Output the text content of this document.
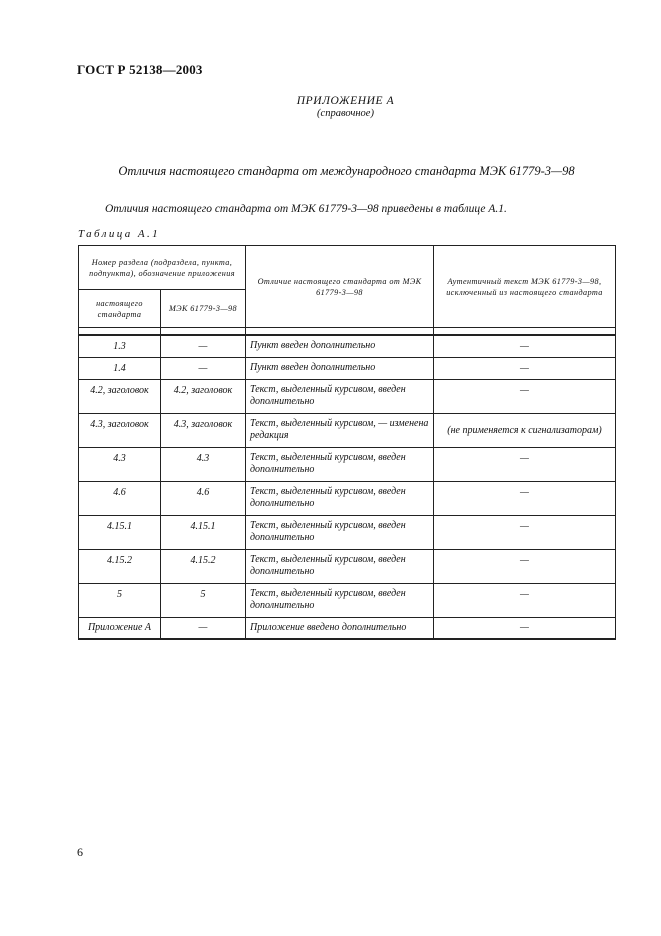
ГОСТ Р 52138—2003
ПРИЛОЖЕНИЕ А
(справочное)
Отличия настоящего стандарта от международного стандарта МЭК 61779-3—98
Отличия настоящего стандарта от МЭК 61779-3—98 приведены в таблице А.1.
Таблица А.1
Номер раздела (подраздела, пункта, подпункта), обозначение приложения		Отличие настоящего стандарта от МЭК 61779-3—98	Аутентичный текст МЭК 61779-3—98, исключенный из настоящего стандарта
настоящего стандарта	МЭК 61779-3—98		

1.3	—	Пункт введен дополнительно	—
1.4	—	Пункт введен дополнительно	—
4.2, заголовок	4.2, заголовок	Текст, выделенный курсивом, введен дополнительно	—
4.3, заголовок	4.3, заголовок	Текст, выделенный курсивом, — изменена редакция	(не применяется к сигнализаторам)
4.3	4.3	Текст, выделенный курсивом, введен дополнительно	—
4.6	4.6	Текст, выделенный курсивом, введен дополнительно	—
4.15.1	4.15.1	Текст, выделенный курсивом, введен дополнительно	—
4.15.2	4.15.2	Текст, выделенный курсивом, введен дополнительно	—
5	5	Текст, выделенный курсивом, введен дополнительно	—
Приложение А	—	Приложение введено дополнительно	—
6
